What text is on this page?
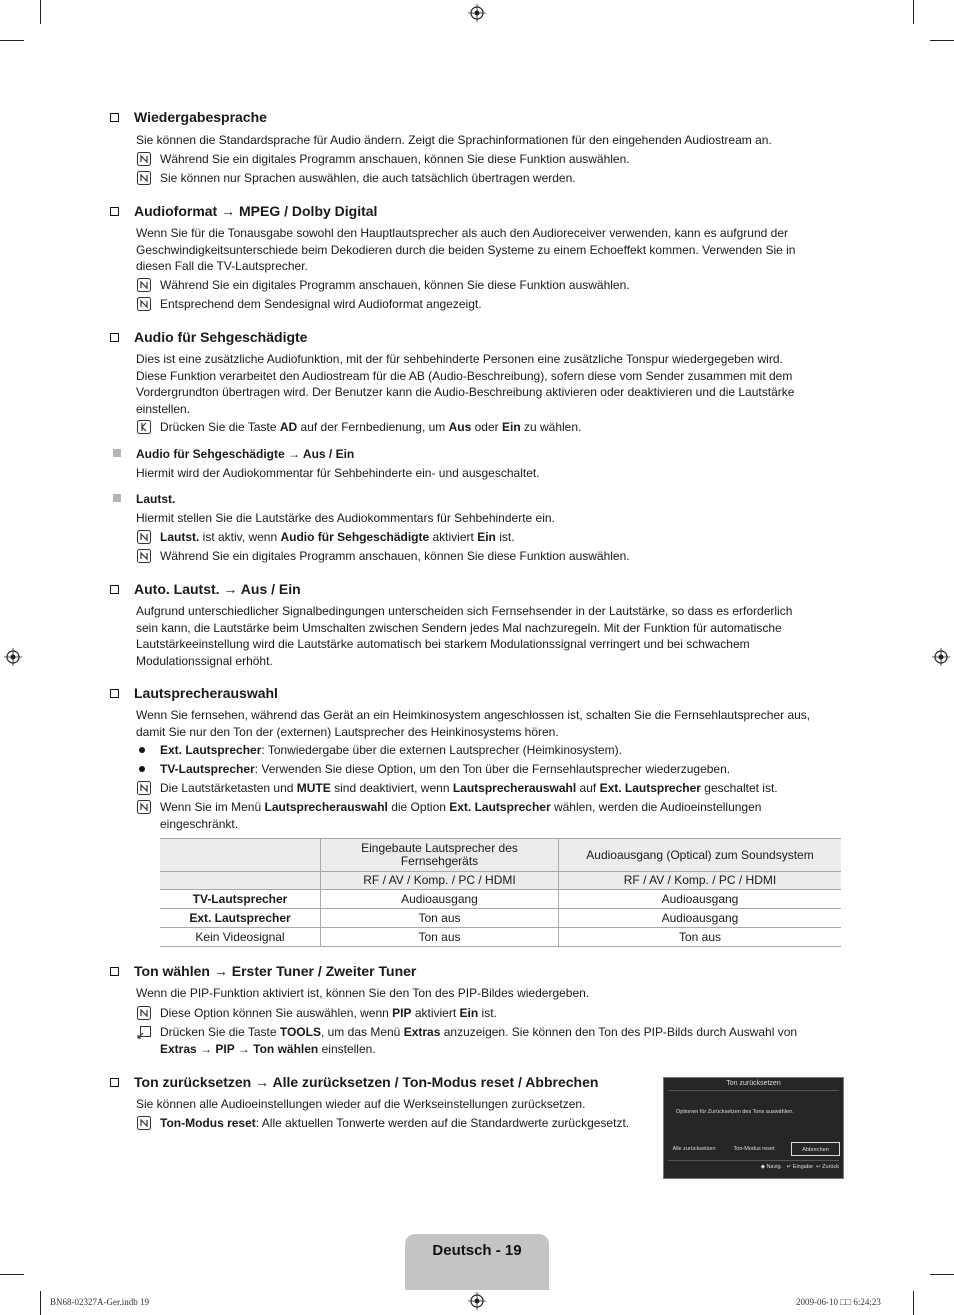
Wiedergabesprache
Sie können die Standardsprache für Audio ändern. Zeigt die Sprachinformationen für den eingehenden Audiostream an.
Während Sie ein digitales Programm anschauen, können Sie diese Funktion auswählen.
Sie können nur Sprachen auswählen, die auch tatsächlich übertragen werden.
Audioformat → MPEG / Dolby Digital
Wenn Sie für die Tonausgabe sowohl den Hauptlautsprecher als auch den Audioreceiver verwenden, kann es aufgrund der Geschwindigkeitsunterschiede beim Dekodieren durch die beiden Systeme zu einem Echoeffekt kommen. Verwenden Sie in diesen Fall die TV-Lautsprecher.
Während Sie ein digitales Programm anschauen, können Sie diese Funktion auswählen.
Entsprechend dem Sendesignal wird Audioformat angezeigt.
Audio für Sehgeschädigte
Dies ist eine zusätzliche Audiofunktion, mit der für sehbehinderte Personen eine zusätzliche Tonspur wiedergegeben wird. Diese Funktion verarbeitet den Audiostream für die AB (Audio-Beschreibung), sofern diese vom Sender zusammen mit dem Vordergrundton übertragen wird. Der Benutzer kann die Audio-Beschreibung aktivieren oder deaktivieren und die Lautstärke einstellen.
Drücken Sie die Taste AD auf der Fernbedienung, um Aus oder Ein zu wählen.
Audio für Sehgeschädigte → Aus / Ein
Hiermit wird der Audiokommentar für Sehbehinderte ein- und ausgeschaltet.
Lautst.
Hiermit stellen Sie die Lautstärke des Audiokommentars für Sehbehinderte ein.
Lautst. ist aktiv, wenn Audio für Sehgeschädigte aktiviert Ein ist.
Während Sie ein digitales Programm anschauen, können Sie diese Funktion auswählen.
Auto. Lautst. → Aus / Ein
Aufgrund unterschiedlicher Signalbedingungen unterscheiden sich Fernsehsender in der Lautstärke, so dass es erforderlich sein kann, die Lautstärke beim Umschalten zwischen Sendern jedes Mal nachzuregeln. Mit der Funktion für automatische Lautstärkeeinstellung wird die Lautstärke automatisch bei starkem Modulationssignal verringert und bei schwachem Modulationssignal erhöht.
Lautsprecherauswahl
Wenn Sie fernsehen, während das Gerät an ein Heimkinosystem angeschlossen ist, schalten Sie die Fernsehlautsprecher aus, damit Sie nur den Ton der (externen) Lautsprecher des Heinkinosystems hören.
Ext. Lautsprecher: Tonwiedergabe über die externen Lautsprecher (Heimkinosystem).
TV-Lautsprecher: Verwenden Sie diese Option, um den Ton über die Fernsehlautsprecher wiederzugeben.
Die Lautstärketasten und MUTE sind deaktiviert, wenn Lautsprecherauswahl auf Ext. Lautsprecher geschaltet ist.
Wenn Sie im Menü Lautsprecherauswahl die Option Ext. Lautsprecher wählen, werden die Audioeinstellungen eingeschränkt.
	Eingebaute Lautsprecher des Fernsehgeräts	Audioausgang (Optical) zum Soundsystem
	RF / AV / Komp. / PC / HDMI	RF / AV / Komp. / PC / HDMI
TV-Lautsprecher	Audioausgang	Audioausgang
Ext. Lautsprecher	Ton aus	Audioausgang
Kein Videosignal	Ton aus	Ton aus
Ton wählen → Erster Tuner / Zweiter Tuner
Wenn die PIP-Funktion aktiviert ist, können Sie den Ton des PIP-Bildes wiedergeben.
Diese Option können Sie auswählen, wenn PIP aktiviert Ein ist.
Drücken Sie die Taste TOOLS, um das Menü Extras anzuzeigen. Sie können den Ton des PIP-Bilds durch Auswahl von Extras → PIP → Ton wählen einstellen.
Ton zurücksetzen → Alle zurücksetzen / Ton-Modus reset / Abbrechen
Sie können alle Audioeinstellungen wieder auf die Werkseinstellungen zurücksetzen.
Ton-Modus reset: Alle aktuellen Tonwerte werden auf die Standardwerte zurückgesetzt.
Ton zurücksetzen
Optionen für Zurücksetzen des Tons auswählen.
Alle zurücksetzen	Ton-Modus reset	Abbrechen
◆ Navig. ↵ Eingabe ↩ Zurück
Deutsch - 19
BN68-02327A-Ger.indb 19	2009-06-10 □□ 6:24:23
